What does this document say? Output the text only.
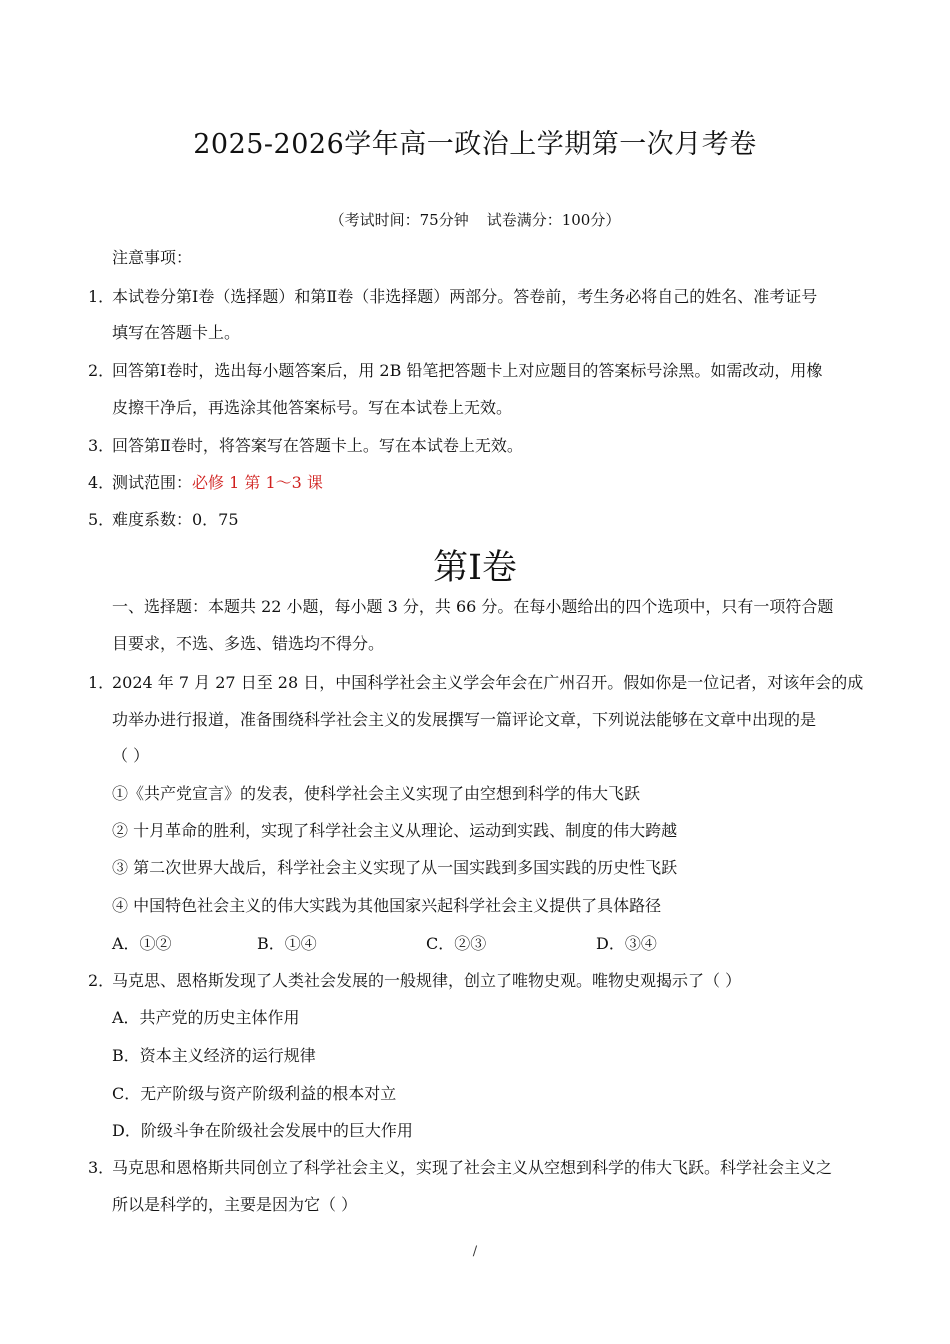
2025-2026学年高一政治上学期第一次月考卷
（考试时间：75分钟 试卷满分：100分）
注意事项：
1．
本试卷分第Ⅰ卷（选择题）和第Ⅱ卷（非选择题）两部分。答卷前，考生务必将自己的姓名、准考证号
填写在答题卡上。
2．
回答第Ⅰ卷时，选出每小题答案后，用 2B 铅笔把答题卡上对应题目的答案标号涂黑。如需改动，用橡
皮擦干净后，再选涂其他答案标号。写在本试卷上无效。
3．
回答第Ⅱ卷时，将答案写在答题卡上。写在本试卷上无效。
4．
测试范围：必修 1 第 1～3 课
5．
难度系数：0．75
第Ⅰ卷
一、选择题：本题共 22 小题，每小题 3 分，共 66 分。在每小题给出的四个选项中，只有一项符合题
目要求，不选、多选、错选均不得分。
1．
2024 年 7 月 27 日至 28 日，中国科学社会主义学会年会在广州召开。假如你是一位记者，对该年会的成
功举办进行报道，准备围绕科学社会主义的发展撰写一篇评论文章，下列说法能够在文章中出现的是
（ ）
①《共产党宣言》的发表，使科学社会主义实现了由空想到科学的伟大飞跃
② 十月革命的胜利，实现了科学社会主义从理论、运动到实践、制度的伟大跨越
③ 第二次世界大战后，科学社会主义实现了从一国实践到多国实践的历史性飞跃
④ 中国特色社会主义的伟大实践为其他国家兴起科学社会主义提供了具体路径
A．①②	B．①④	C．②③	D．③④
2．
马克思、恩格斯发现了人类社会发展的一般规律，创立了唯物史观。唯物史观揭示了（ ）
A．共产党的历史主体作用
B．资本主义经济的运行规律
C．无产阶级与资产阶级利益的根本对立
D．阶级斗争在阶级社会发展中的巨大作用
3．
马克思和恩格斯共同创立了科学社会主义，实现了社会主义从空想到科学的伟大飞跃。科学社会主义之
所以是科学的，主要是因为它（ ）
/
